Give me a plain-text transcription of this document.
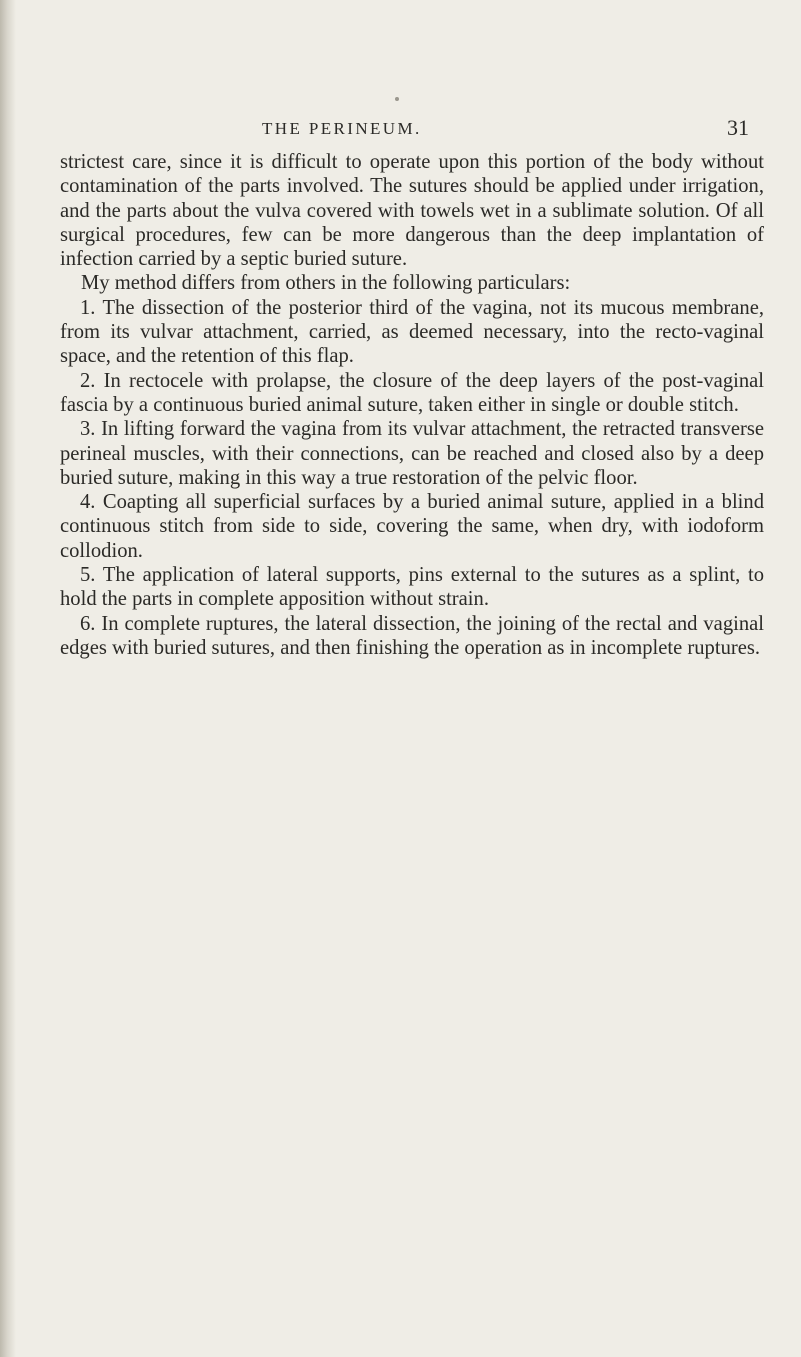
THE PERINEUM.	31

strictest care, since it is difficult to operate upon this portion of the body without contamination of the parts involved. The sutures should be applied under irrigation, and the parts about the vulva covered with towels wet in a sublimate solution. Of all surgical procedures, few can be more dangerous than the deep implantation of infection carried by a septic buried suture.

My method differs from others in the following particulars:

1. The dissection of the posterior third of the vagina, not its mucous membrane, from its vulvar attachment, carried, as deemed necessary, into the recto-vaginal space, and the retention of this flap.

2. In rectocele with prolapse, the closure of the deep layers of the post-vaginal fascia by a continuous buried animal suture, taken either in single or double stitch.

3. In lifting forward the vagina from its vulvar attachment, the retracted transverse perineal muscles, with their connections, can be reached and closed also by a deep buried suture, making in this way a true restoration of the pelvic floor.

4. Coapting all superficial surfaces by a buried animal suture, applied in a blind continuous stitch from side to side, covering the same, when dry, with iodoform collodion.

5. The application of lateral supports, pins external to the sutures as a splint, to hold the parts in complete apposition without strain.

6. In complete ruptures, the lateral dissection, the joining of the rectal and vaginal edges with buried sutures, and then finishing the operation as in incomplete ruptures.
